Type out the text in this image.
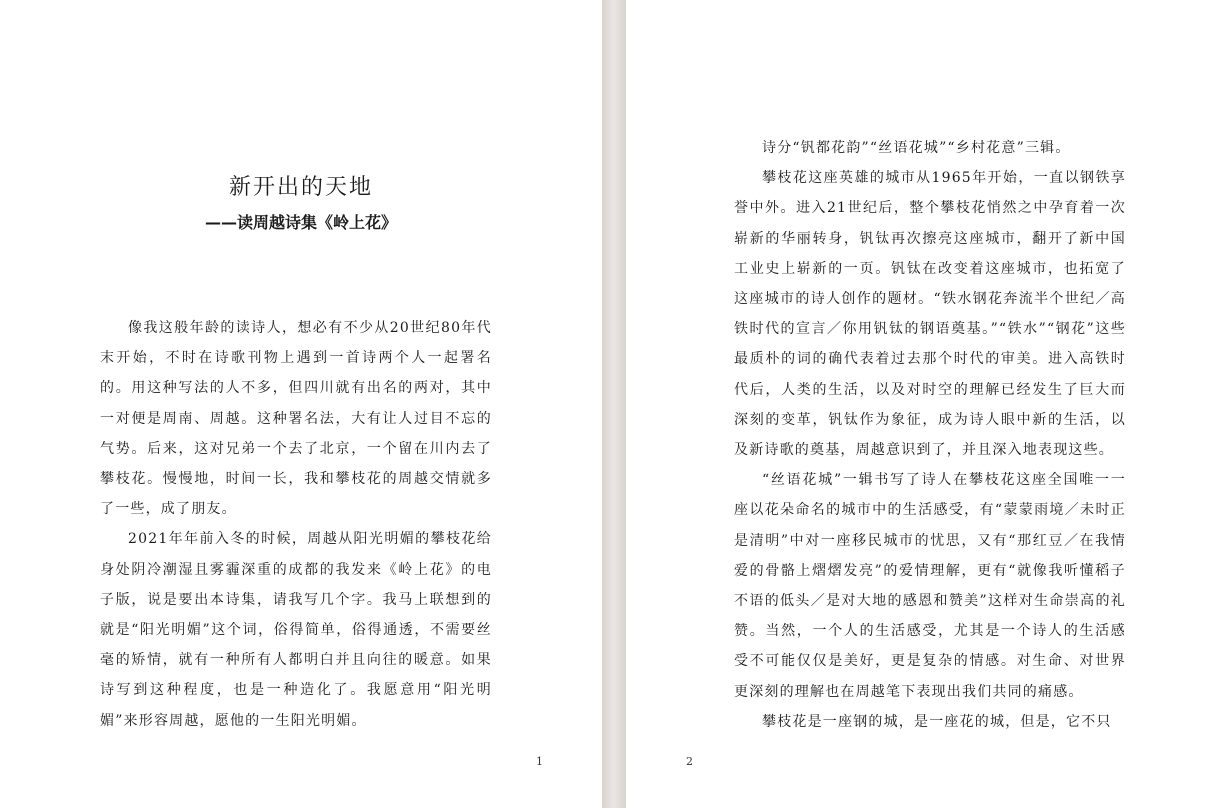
新开出的天地
——读周越诗集《岭上花》

像我这般年龄的读诗人，想必有不少从20世纪80年代末开始，不时在诗歌刊物上遇到一首诗两个人一起署名的。用这种写法的人不多，但四川就有出名的两对，其中一对便是周南、周越。这种署名法，大有让人过目不忘的气势。后来，这对兄弟一个去了北京，一个留在川内去了攀枝花。慢慢地，时间一长，我和攀枝花的周越交情就多了一些，成了朋友。

2021年年前入冬的时候，周越从阳光明媚的攀枝花给身处阴冷潮湿且雾霾深重的成都的我发来《岭上花》的电子版，说是要出本诗集，请我写几个字。我马上联想到的就是“阳光明媚”这个词，俗得简单，俗得通透，不需要丝毫的矫情，就有一种所有人都明白并且向往的暖意。如果诗写到这种程度，也是一种造化了。我愿意用“阳光明媚”来形容周越，愿他的一生阳光明媚。

1	2

诗分“钒都花韵”“丝语花城”“乡村花意”三辑。

攀枝花这座英雄的城市从1965年开始，一直以钢铁享誉中外。进入21世纪后，整个攀枝花悄然之中孕育着一次崭新的华丽转身，钒钛再次擦亮这座城市，翻开了新中国工业史上崭新的一页。钒钛在改变着这座城市，也拓宽了这座城市的诗人创作的题材。“铁水钢花奔流半个世纪／高铁时代的宣言／你用钒钛的钢语奠基。”“铁水”“钢花”这些最质朴的词的确代表着过去那个时代的审美。进入高铁时代后，人类的生活，以及对时空的理解已经发生了巨大而深刻的变革，钒钛作为象征，成为诗人眼中新的生活，以及新诗歌的奠基，周越意识到了，并且深入地表现这些。

“丝语花城”一辑书写了诗人在攀枝花这座全国唯一一座以花朵命名的城市中的生活感受，有“蒙蒙雨境／未时正是清明”中对一座移民城市的忧思，又有“那红豆／在我情爱的骨骼上熠熠发亮”的爱情理解，更有“就像我听懂稻子不语的低头／是对大地的感恩和赞美”这样对生命崇高的礼赞。当然，一个人的生活感受，尤其是一个诗人的生活感受不可能仅仅是美好，更是复杂的情感。对生命、对世界更深刻的理解也在周越笔下表现出我们共同的痛感。

攀枝花是一座钢的城，是一座花的城，但是，它不只
